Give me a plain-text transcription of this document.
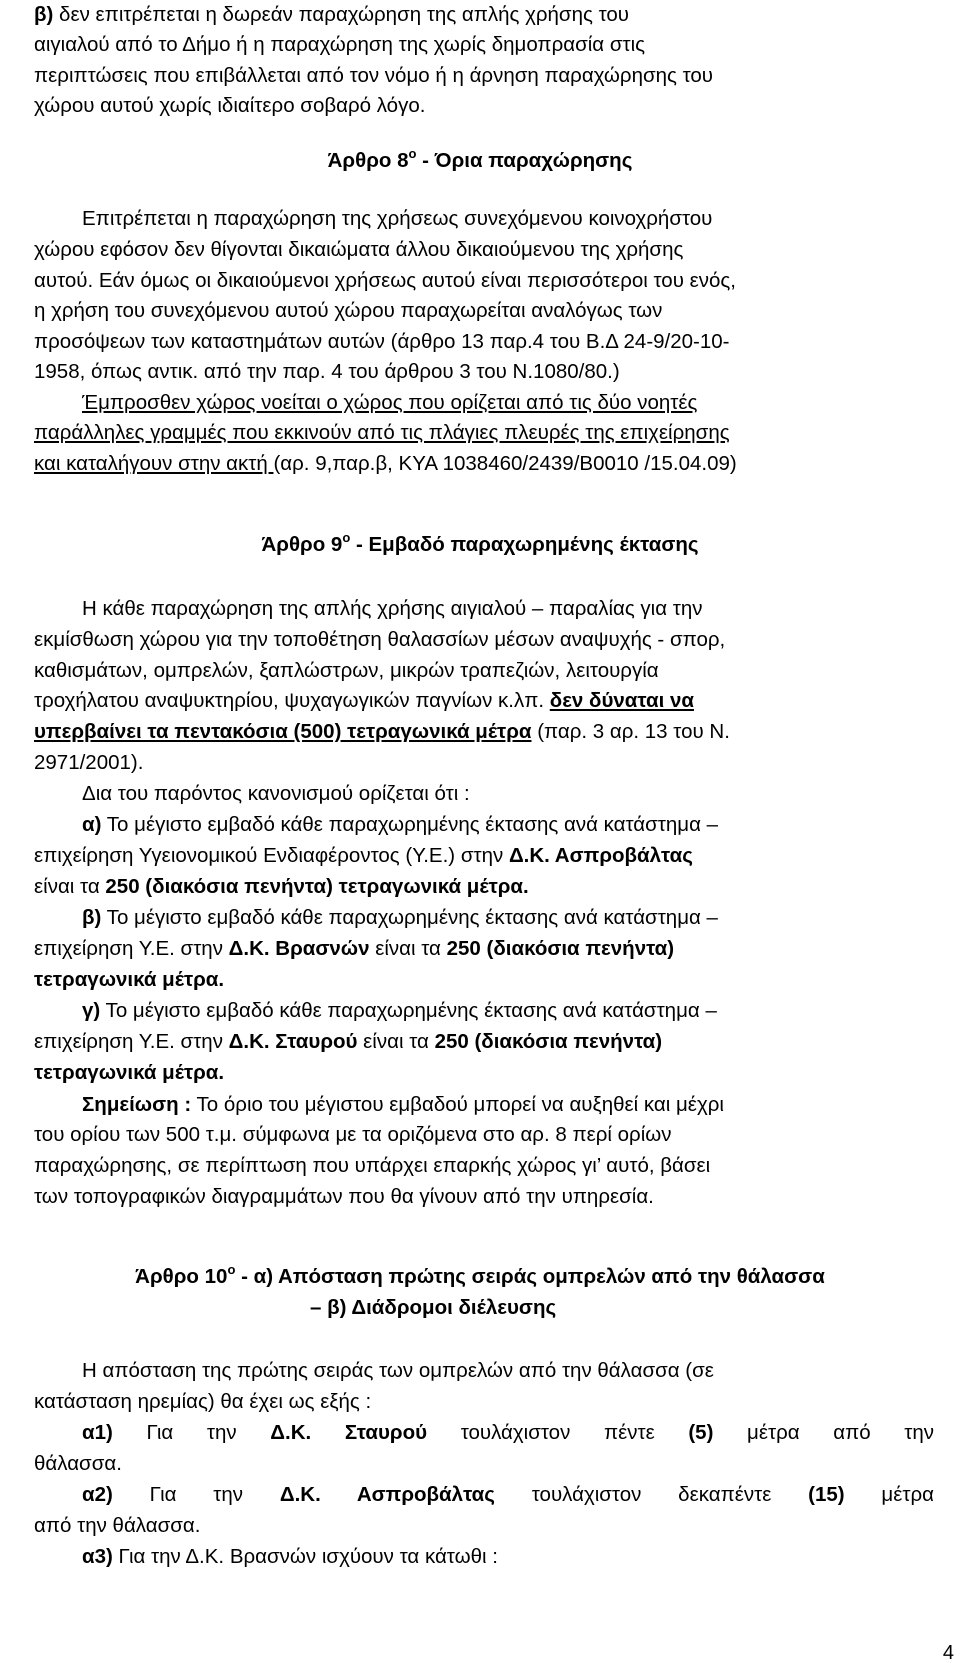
β) δεν επιτρέπεται η δωρεάν παραχώρηση της απλής χρήσης του
αιγιαλού από το Δήμο ή η παραχώρηση της χωρίς δημοπρασία στις
περιπτώσεις που επιβάλλεται από τον νόμο ή η άρνηση παραχώρησης του
χώρου αυτού χωρίς ιδιαίτερο σοβαρό λόγο.
Άρθρο $8^o$ - Όρια παραχώρησης
Επιτρέπεται η παραχώρηση της χρήσεως συνεχόμενου κοινοχρήστου
χώρου εφόσον δεν θίγονται δικαιώματα άλλου δικαιούμενου της χρήσης
αυτού. Εάν όμως οι δικαιούμενοι χρήσεως αυτού είναι περισσότεροι του ενός,
η χρήση του συνεχόμενου αυτού χώρου παραχωρείται αναλόγως των
προσόψεων των καταστημάτων αυτών (άρθρο 13 παρ.4 του Β.Δ 24-9/20-10-
1958, όπως αντικ. από την παρ. 4 του άρθρου 3 του Ν.1080/80.)
Έμπροσθεν χώρος νοείται ο χώρος που ορίζεται από τις δύο νοητές
παράλληλες γραμμές που εκκινούν από τις πλάγιες πλευρές της επιχείρησης
και καταλήγουν στην ακτή (αρ. 9,παρ.β, ΚΥΑ 1038460/2439/Β0010 /15.04.09)
Άρθρο $9^o$ - Εμβαδό παραχωρημένης έκτασης
Η κάθε παραχώρηση της απλής χρήσης αιγιαλού – παραλίας για την
εκμίσθωση χώρου για την τοποθέτηση θαλασσίων μέσων αναψυχής - σπορ,
καθισμάτων, ομπρελών, ξαπλώστρων, μικρών τραπεζιών, λειτουργία
τροχήλατου αναψυκτηρίου, ψυχαγωγικών παγνίων κ.λπ. δεν δύναται να
υπερβαίνει τα πεντακόσια (500) τετραγωνικά μέτρα (παρ. 3 αρ. 13 του Ν.
2971/2001).
Δια του παρόντος κανονισμού ορίζεται ότι :
α) Το μέγιστο εμβαδό κάθε παραχωρημένης έκτασης ανά κατάστημα –
επιχείρηση Υγειονομικού Ενδιαφέροντος (Υ.Ε.) στην Δ.Κ. Ασπροβάλτας
είναι τα 250 (διακόσια πενήντα) τετραγωνικά μέτρα.
β) Το μέγιστο εμβαδό κάθε παραχωρημένης έκτασης ανά κατάστημα –
επιχείρηση Υ.Ε. στην Δ.Κ. Βρασνών είναι τα 250 (διακόσια πενήντα)
τετραγωνικά μέτρα.
γ) Το μέγιστο εμβαδό κάθε παραχωρημένης έκτασης ανά κατάστημα –
επιχείρηση Υ.Ε. στην Δ.Κ. Σταυρού είναι τα 250 (διακόσια πενήντα)
τετραγωνικά μέτρα.
Σημείωση : Το όριο του μέγιστου εμβαδού μπορεί να αυξηθεί και μέχρι
του ορίου των 500 τ.μ. σύμφωνα με τα οριζόμενα στο αρ. 8 περί ορίων
παραχώρησης, σε περίπτωση που υπάρχει επαρκής χώρος γι’ αυτό, βάσει
των τοπογραφικών διαγραμμάτων που θα γίνουν από την υπηρεσία.
Άρθρο $10^o - \alpha$) Απόσταση πρώτης σειράς ομπρελών από την θάλασσα
– β) Διάδρομοι διέλευσης
Η απόσταση της πρώτης σειράς των ομπρελών από την θάλασσα (σε
κατάσταση ηρεμίας) θα έχει ως εξής :
α1) Για την Δ.Κ. Σταυρού τουλάχιστον πέντε (5) μέτρα από την
θάλασσα.
α2) Για την Δ.Κ. Ασπροβάλτας τουλάχιστον δεκαπέντε (15) μέτρα
από την θάλασσα.
α3) Για την Δ.Κ. Βρασνών ισχύουν τα κάτωθι :
4
